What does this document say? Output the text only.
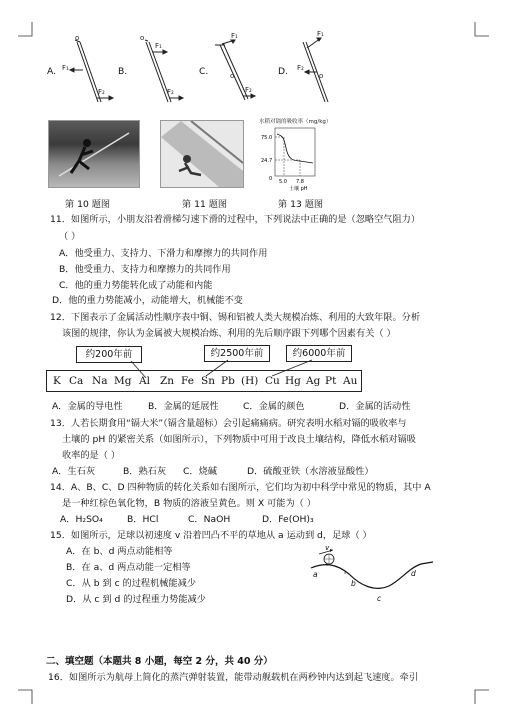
A.	B.	C.	D.
o
F₁
F₂
o
F₁
F₂
F₁
o
F₂
F₁
F₂
o
水稻对镉的吸收率（mg/kg）
75.0
24.7
0 5.0 7.8
土壤 pH
第 10 题图	第 11 题图	第 13 题图
11．如图所示，小朋友沿着滑梯匀速下滑的过程中，下列说法中正确的是（忽略空气阻力）
（ ）
A．他受重力、支持力、下滑力和摩擦力的共同作用
B．他受重力、支持力和摩擦力的共同作用
C．他的重力势能转化成了动能和内能
D．他的重力势能减小，动能增大，机械能不变
12．下图表示了金属活动性顺序表中铜、锡和铝被人类大规模冶炼、利用的大致年限。分析
该图的规律，你认为金属被大规模冶炼、利用的先后顺序跟下列哪个因素有关（ ）
约200年前	约2500年前	约6000年前
K Ca Na Mg Al Zn Fe Sn Pb (H) Cu Hg Ag Pt Au
A．金属的导电性	B．金属的延展性	C．金属的颜色	D．金属的活动性
13．人若长期食用“镉大米”（镉含量超标）会引起痛痛病。研究表明水稻对镉的吸收率与
土壤的 pH 的紧密关系（如图所示），下列物质中可用于改良土壤结构，降低水稻对镉吸
收率的是（ ）
A．生石灰	B．熟石灰 C．烧碱	D．硫酸亚铁（水溶液显酸性）
14．A、B、C、D 四种物质的转化关系如右图所示，它们均为初中科学中常见的物质，其中 A
是一种红棕色氧化物，B 物质的溶液呈黄色。则 X 可能为（ ）
A．H₂SO₄	B．HCl	C．NaOH	D．Fe(OH)₃
15．如图所示，足球以初速度 v 沿着凹凸不平的草地从 a 运动到 d，足球（ ）
A．在 b、d 两点动能相等
B．在 a、d 两点动能一定相等
C．从 b 到 c 的过程机械能减少
D．从 c 到 d 的过程重力势能减少
v
a
b
c
d
二、填空题（本题共 8 小题，每空 2 分，共 40 分）
16．如图所示为航母上简化的蒸汽弹射装置，能带动舰载机在两秒钟内达到起飞速度。牵引
